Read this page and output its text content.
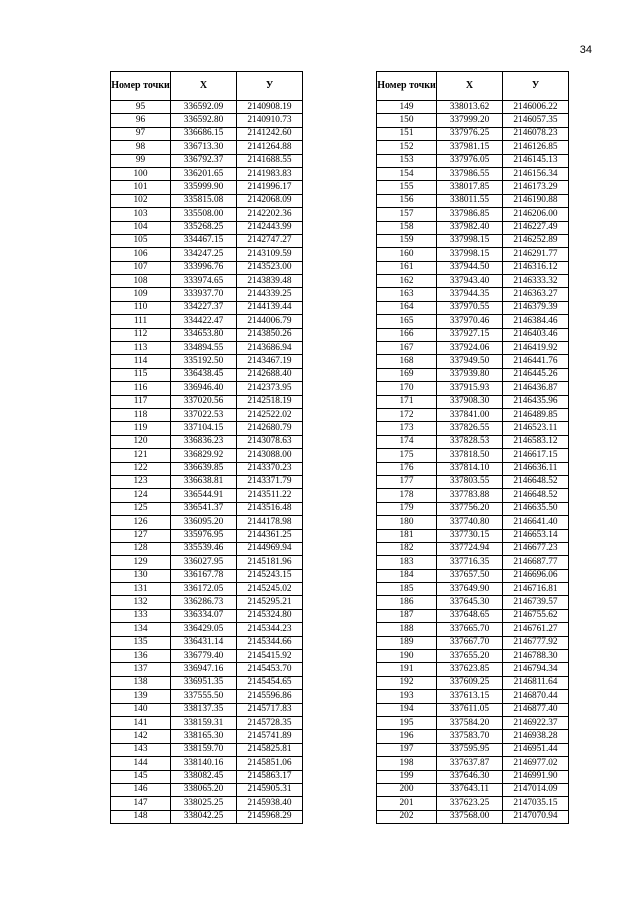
34
Номер точки	Х	У
95	336592.09	2140908.19
96	336592.80	2140910.73
97	336686.15	2141242.60
98	336713.30	2141264.88
99	336792.37	2141688.55
100	336201.65	2141983.83
101	335999.90	2141996.17
102	335815.08	2142068.09
103	335508.00	2142202.36
104	335268.25	2142443.99
105	334467.15	2142747.27
106	334247.25	2143109.59
107	333996.76	2143523.00
108	333974.65	2143839.48
109	333937.70	2144339.25
110	334227.37	2144139.44
111	334422.47	2144006.79
112	334653.80	2143850.26
113	334894.55	2143686.94
114	335192.50	2143467.19
115	336438.45	2142688.40
116	336946.40	2142373.95
117	337020.56	2142518.19
118	337022.53	2142522.02
119	337104.15	2142680.79
120	336836.23	2143078.63
121	336829.92	2143088.00
122	336639.85	2143370.23
123	336638.81	2143371.79
124	336544.91	2143511.22
125	336541.37	2143516.48
126	336095.20	2144178.98
127	335976.95	2144361.25
128	335539.46	2144969.94
129	336027.95	2145181.96
130	336167.78	2145243.15
131	336172.05	2145245.02
132	336286.73	2145295.21
133	336334.07	2145324.80
134	336429.05	2145344.23
135	336431.14	2145344.66
136	336779.40	2145415.92
137	336947.16	2145453.70
138	336951.35	2145454.65
139	337555.50	2145596.86
140	338137.35	2145717.83
141	338159.31	2145728.35
142	338165.30	2145741.89
143	338159.70	2145825.81
144	338140.16	2145851.06
145	338082.45	2145863.17
146	338065.20	2145905.31
147	338025.25	2145938.40
148	338042.25	2145968.29
Номер точки	Х	У
149	338013.62	2146006.22
150	337999.20	2146057.35
151	337976.25	2146078.23
152	337981.15	2146126.85
153	337976.05	2146145.13
154	337986.55	2146156.34
155	338017.85	2146173.29
156	338011.55	2146190.88
157	337986.85	2146206.00
158	337982.40	2146227.49
159	337998.15	2146252.89
160	337998.15	2146291.77
161	337944.50	2146316.12
162	337943.40	2146333.32
163	337944.35	2146363.27
164	337970.55	2146379.39
165	337970.46	2146384.46
166	337927.15	2146403.46
167	337924.06	2146419.92
168	337949.50	2146441.76
169	337939.80	2146445.26
170	337915.93	2146436.87
171	337908.30	2146435.96
172	337841.00	2146489.85
173	337826.55	2146523.11
174	337828.53	2146583.12
175	337818.50	2146617.15
176	337814.10	2146636.11
177	337803.55	2146648.52
178	337783.88	2146648.52
179	337756.20	2146635.50
180	337740.80	2146641.40
181	337730.15	2146653.14
182	337724.94	2146677.23
183	337716.35	2146687.77
184	337657.50	2146696.06
185	337649.90	2146716.81
186	337645.30	2146739.57
187	337648.65	2146755.62
188	337665.70	2146761.27
189	337667.70	2146777.92
190	337655.20	2146788.30
191	337623.85	2146794.34
192	337609.25	2146811.64
193	337613.15	2146870.44
194	337611.05	2146877.40
195	337584.20	2146922.37
196	337583.70	2146938.28
197	337595.95	2146951.44
198	337637.87	2146977.02
199	337646.30	2146991.90
200	337643.11	2147014.09
201	337623.25	2147035.15
202	337568.00	2147070.94
